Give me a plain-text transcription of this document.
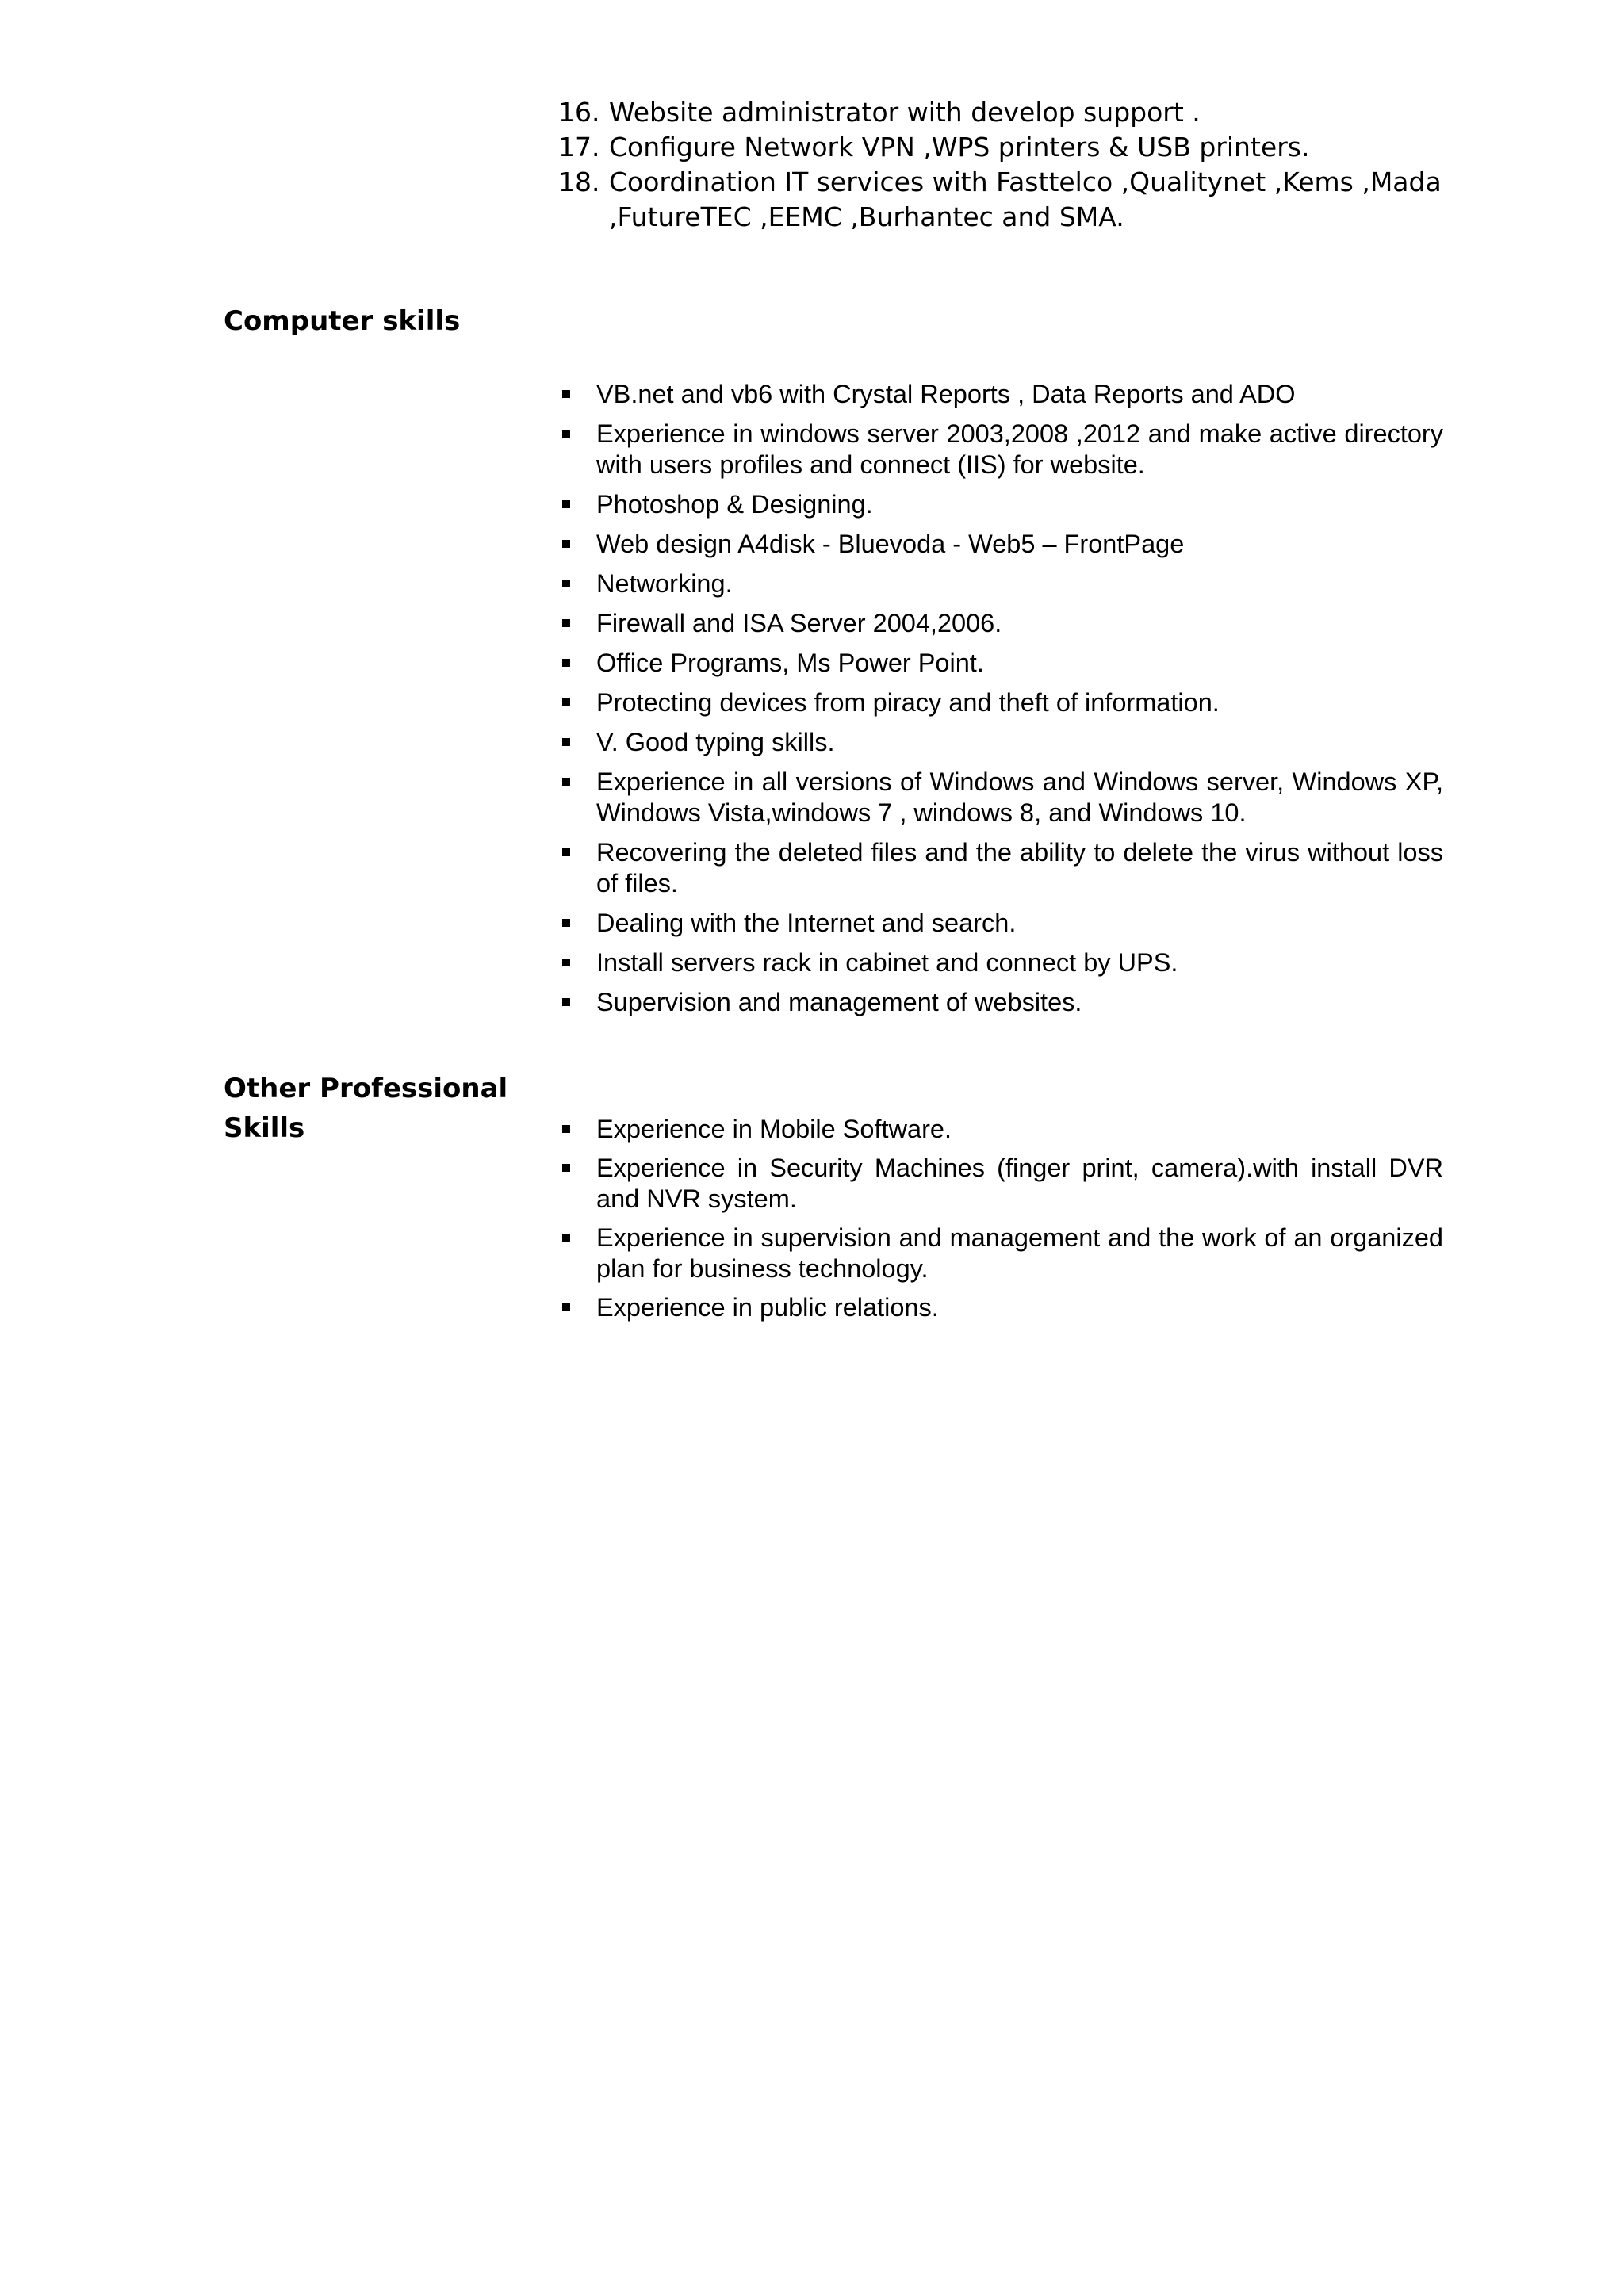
16. Website administrator with develop support .
17. Configure Network VPN ,WPS printers & USB printers.
18. Coordination IT services with Fasttelco ,Qualitynet ,Kems ,Mada ,FutureTEC ,EEMC ,Burhantec and SMA.
Computer skills
VB.net and vb6 with Crystal Reports , Data Reports and ADO
Experience in windows server 2003,2008 ,2012 and make active directory with users profiles and connect (IIS) for website.
Photoshop & Designing.
Web design A4disk - Bluevoda - Web5 – FrontPage
Networking.
Firewall and ISA Server 2004,2006.
Office Programs, Ms Power Point.
Protecting devices from piracy and theft of information.
V. Good typing skills.
Experience in all versions of Windows and Windows server, Windows XP, Windows Vista,windows 7 , windows 8, and Windows 10.
Recovering the deleted files and the ability to delete the virus without loss of files.
Dealing with the Internet and search.
Install servers rack in cabinet and connect by UPS.
Supervision and management of websites.
Other Professional Skills	Experience in Mobile Software.
Experience in Security Machines (finger print, camera).with install DVR and NVR system.
Experience in supervision and management and the work of an organized plan for business technology.
Experience in public relations.
